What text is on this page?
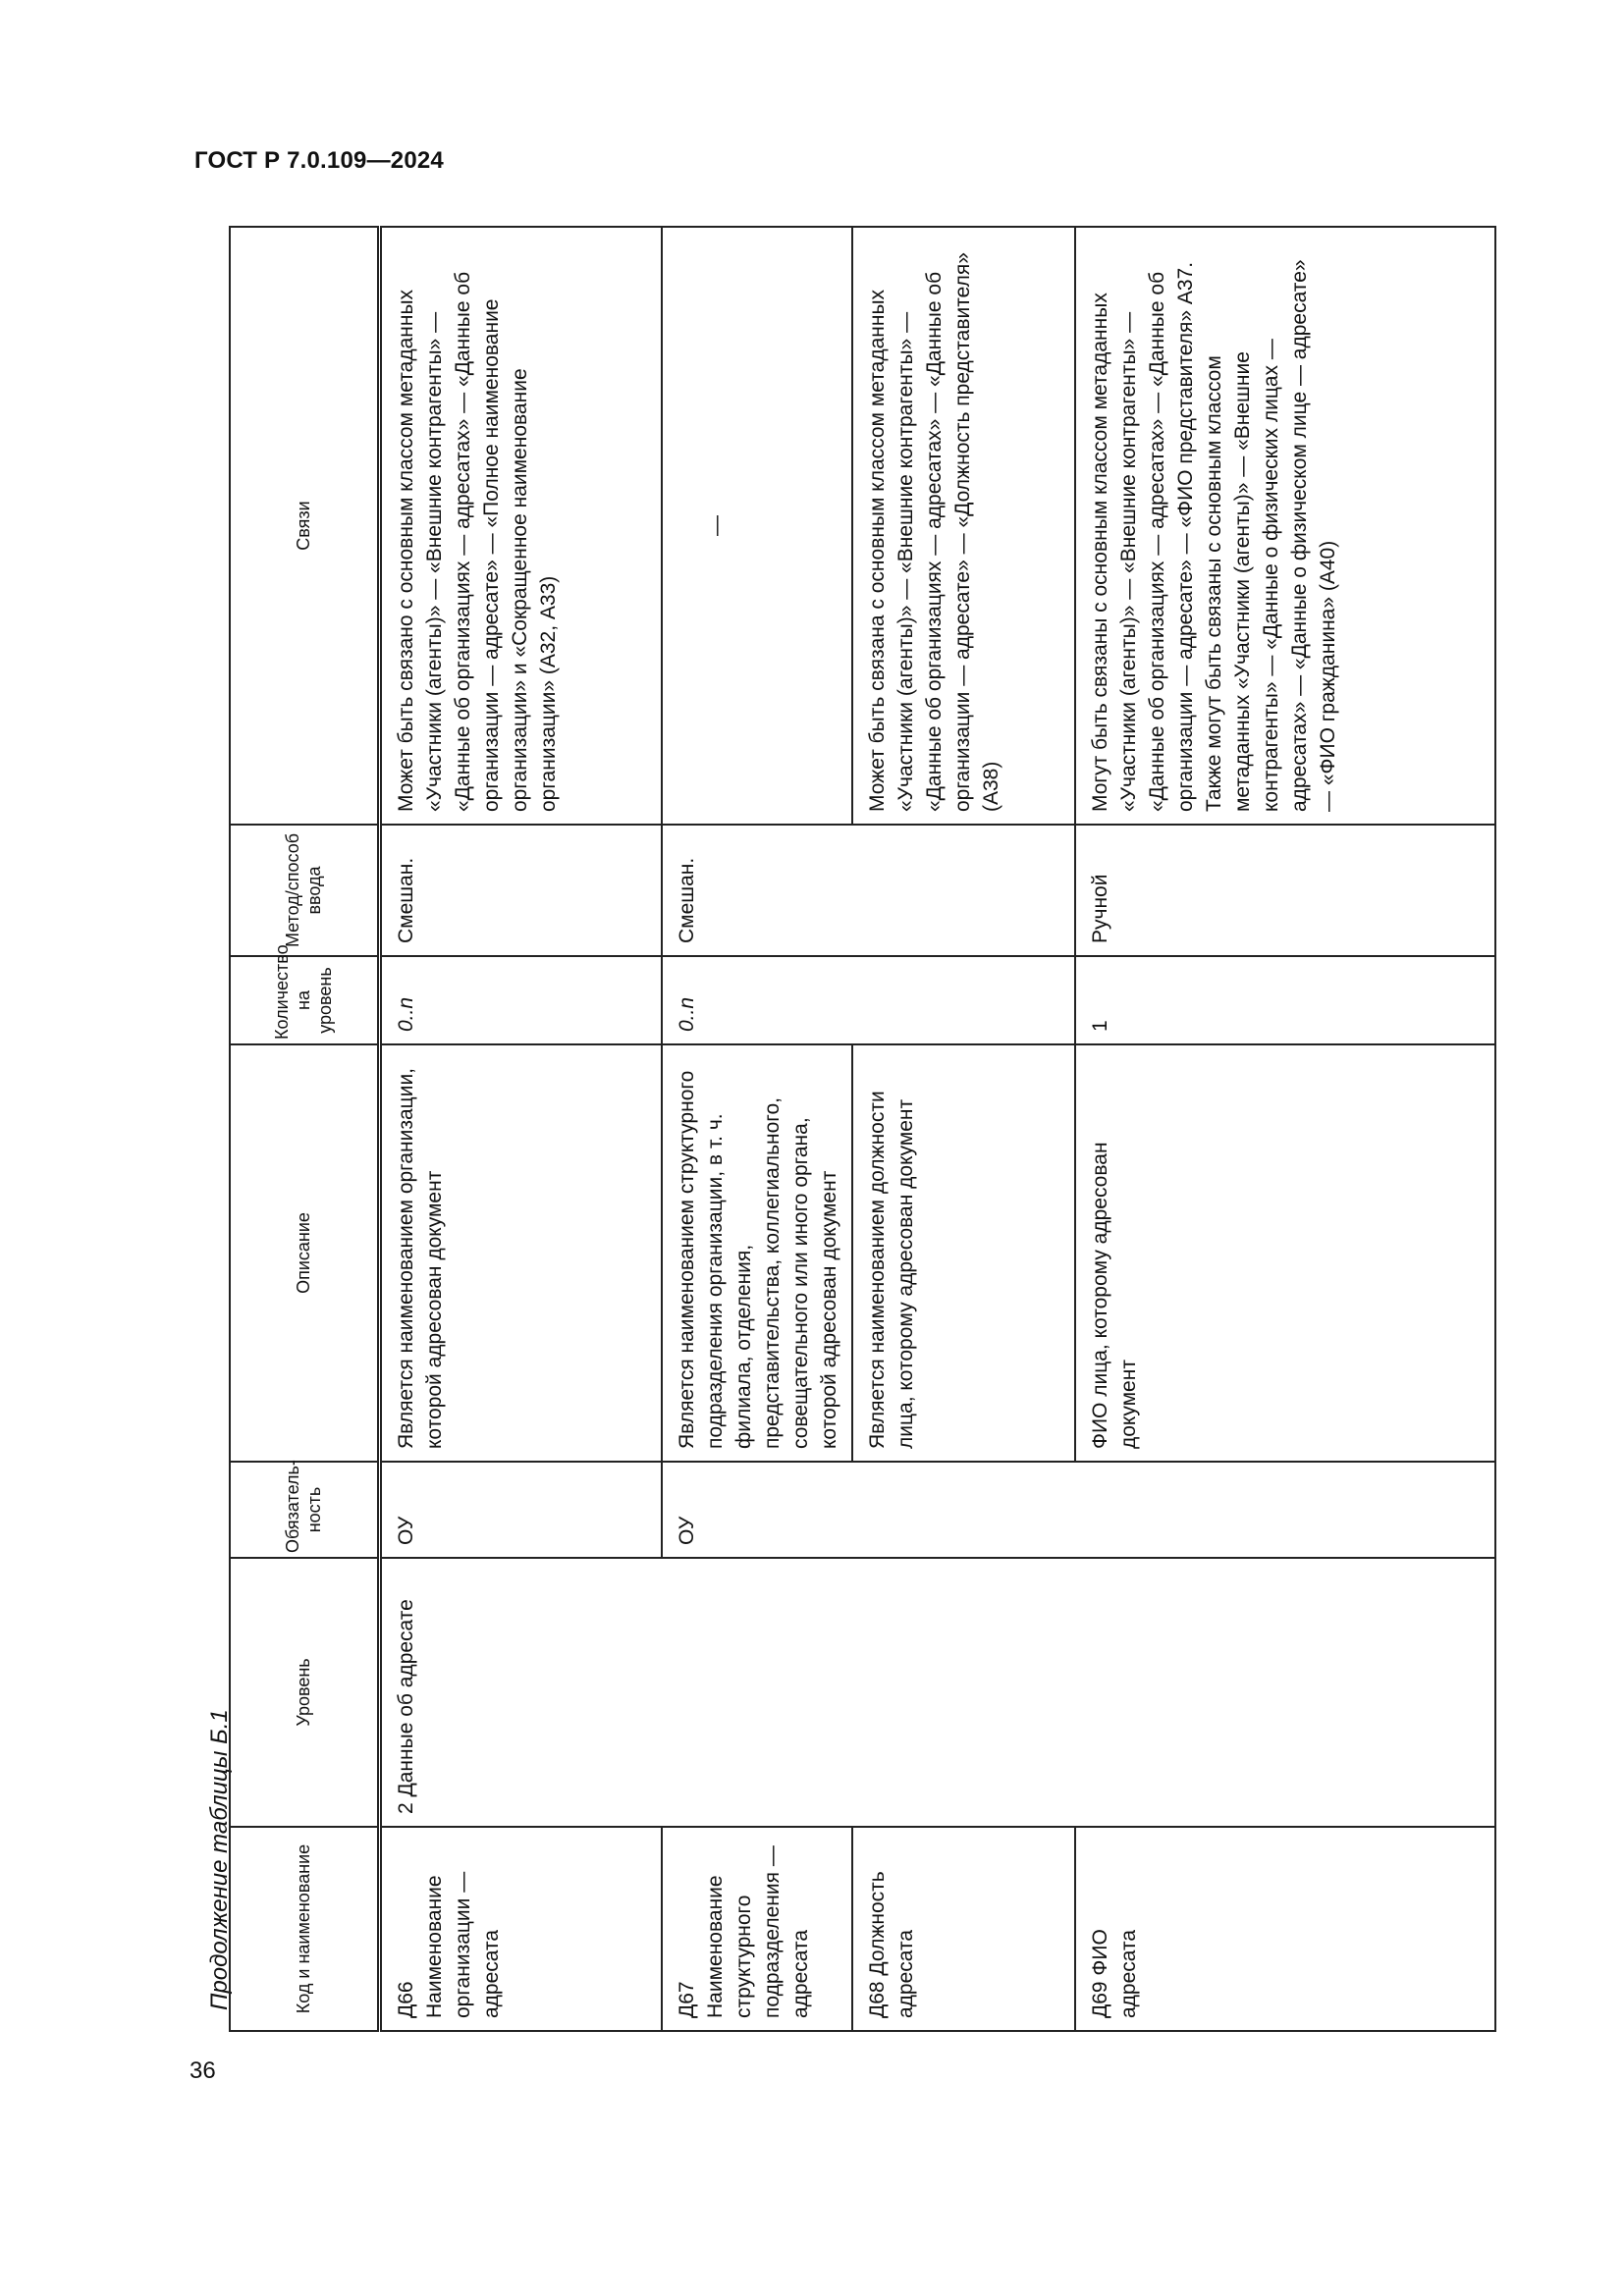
ГОСТ Р 7.0.109—2024
Продолжение таблицы Б.1
36
Код и наименование	Уровень	Обязатель-ность	Описание	Количество на уровень	Метод/способ ввода	Связи
Д66 Наименование организации — адресата	2 Данные об адресате	ОУ	Является наименованием организации, которой адресован документ	0..n	Смешан.	Может быть связано с основным классом метаданных «Участники (агенты)» — «Внешние контрагенты» — «Данные об организациях — адресатах» — «Данные об организации — адресате» — «Полное наименование организации» и «Сокращенное наименование организации» (А32, А33)
Д67 Наименование структурного подразделения — адресата		ОУ	Является наименованием структурного подразделения организации, в т. ч. филиала, отделения, представительства, коллегиального, совещательного или иного органа, которой адресован документ	0..n	Смешан.	—

Д68 Должность адресата			Является наименованием должности лица, которому адресован документ			Может быть связана с основным классом метаданных «Участники (агенты)» — «Внешние контрагенты» — «Данные об организациях — адресатах» — «Данные об организации — адресате» — «Должность представителя» (А38)
Д69 ФИО адресата			ФИО лица, которому адресован документ	1	Ручной	Могут быть связаны с основным классом метаданных «Участники (агенты)» — «Внешние контрагенты» — «Данные об организациях — адресатах» — «Данные об организации — адресате» — «ФИО представителя» А37. Также могут быть связаны с основным классом метаданных «Участники (агенты)» — «Внешние контрагенты» — «Данные о физических лицах — адресатах» — «Данные о физическом лице — адресате» — «ФИО гражданина» (А40)
